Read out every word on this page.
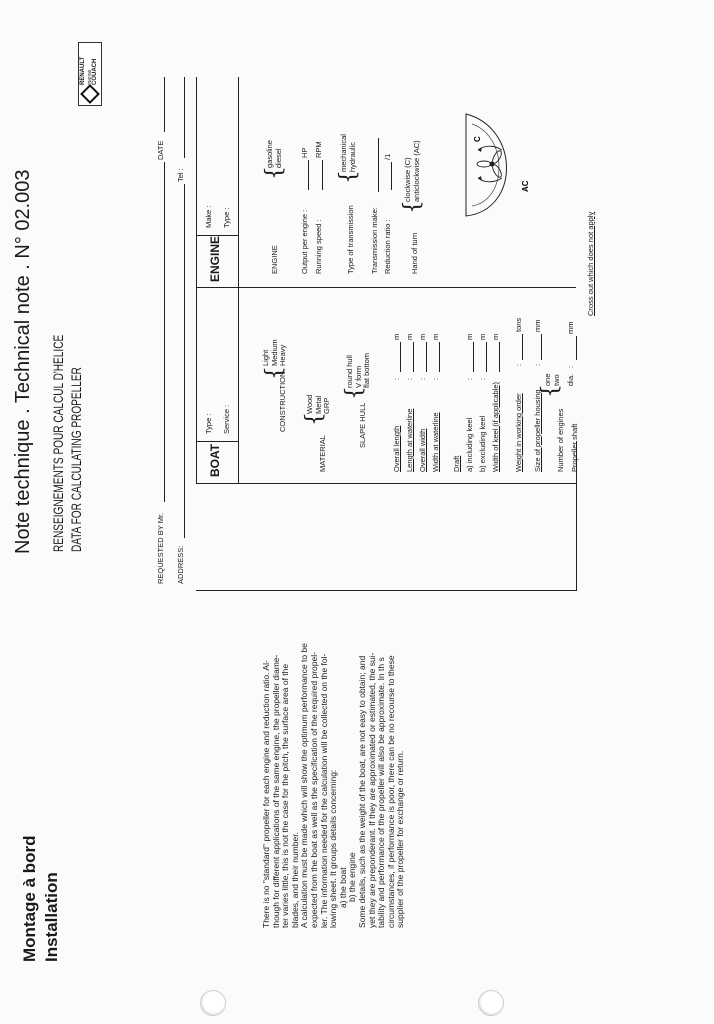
Montage à bord Installation
Note technique . Technical note . N° 02.003 RENSEIGNEMENTS POUR CALCUL D'HELICE DATA FOR CALCULATING PROPELLER
RENAULT marine COUACH
There is no "standard" propeller for each engine and reduction ratio. Al- though for different applications of the same engine, the propeller diame- ter varies little, this is not the case for the pitch, the surface area of the blades, and their number. A calculation must be made which will show the optimum performance to be expected from the boat as well as the specification of the required propel- ler. The information needed for the calculation will be collected on the fol- lowing sheet. It groups details concerning: a) the boat b) the engine Some details, such as the weight of the boat, are not easy to obtain; and yet they are preponderant. If they are approximated or estimated, the sui- tability and performance of the propeller will also be approximate. In th s circumstances, if performance is poor, there can be no recourse to these supplier of the propeller for exchange or return.
REQUESTED BY Mr.
DATE
ADDRESS:
Tel :
BOAT
Type : Service :
ENGINE
Make : Type :
CONSTRUCTION
{
Light Medium Heavy
MATERIAL
{
Wood Metal GRP	SLAPE HULL
{
round hull V form flat bottom
Overall length
:
m
Length at waterline
:
m
Overall width
:
m
Width at waterline
:
m
Draft a) including keel
:
m
b) excluding keel
:
m
Width of keel (if applicable)
m
Weight in working order
:
tons
Size of propeller housing
:
mm
Number of engines
{
one two
Propeller shaft
dia.
:
mm
Cross out which does not apply
ENGINE
{
gasoline diesel
Output per engine :
HP
Running speed :
RPM
Type of transmission
{
mechanical hydraulic
Transmission make: Reduction ratio :
/1
Hand of turn
{
clockwise (C) anticlockwise (AC)	AC
C
